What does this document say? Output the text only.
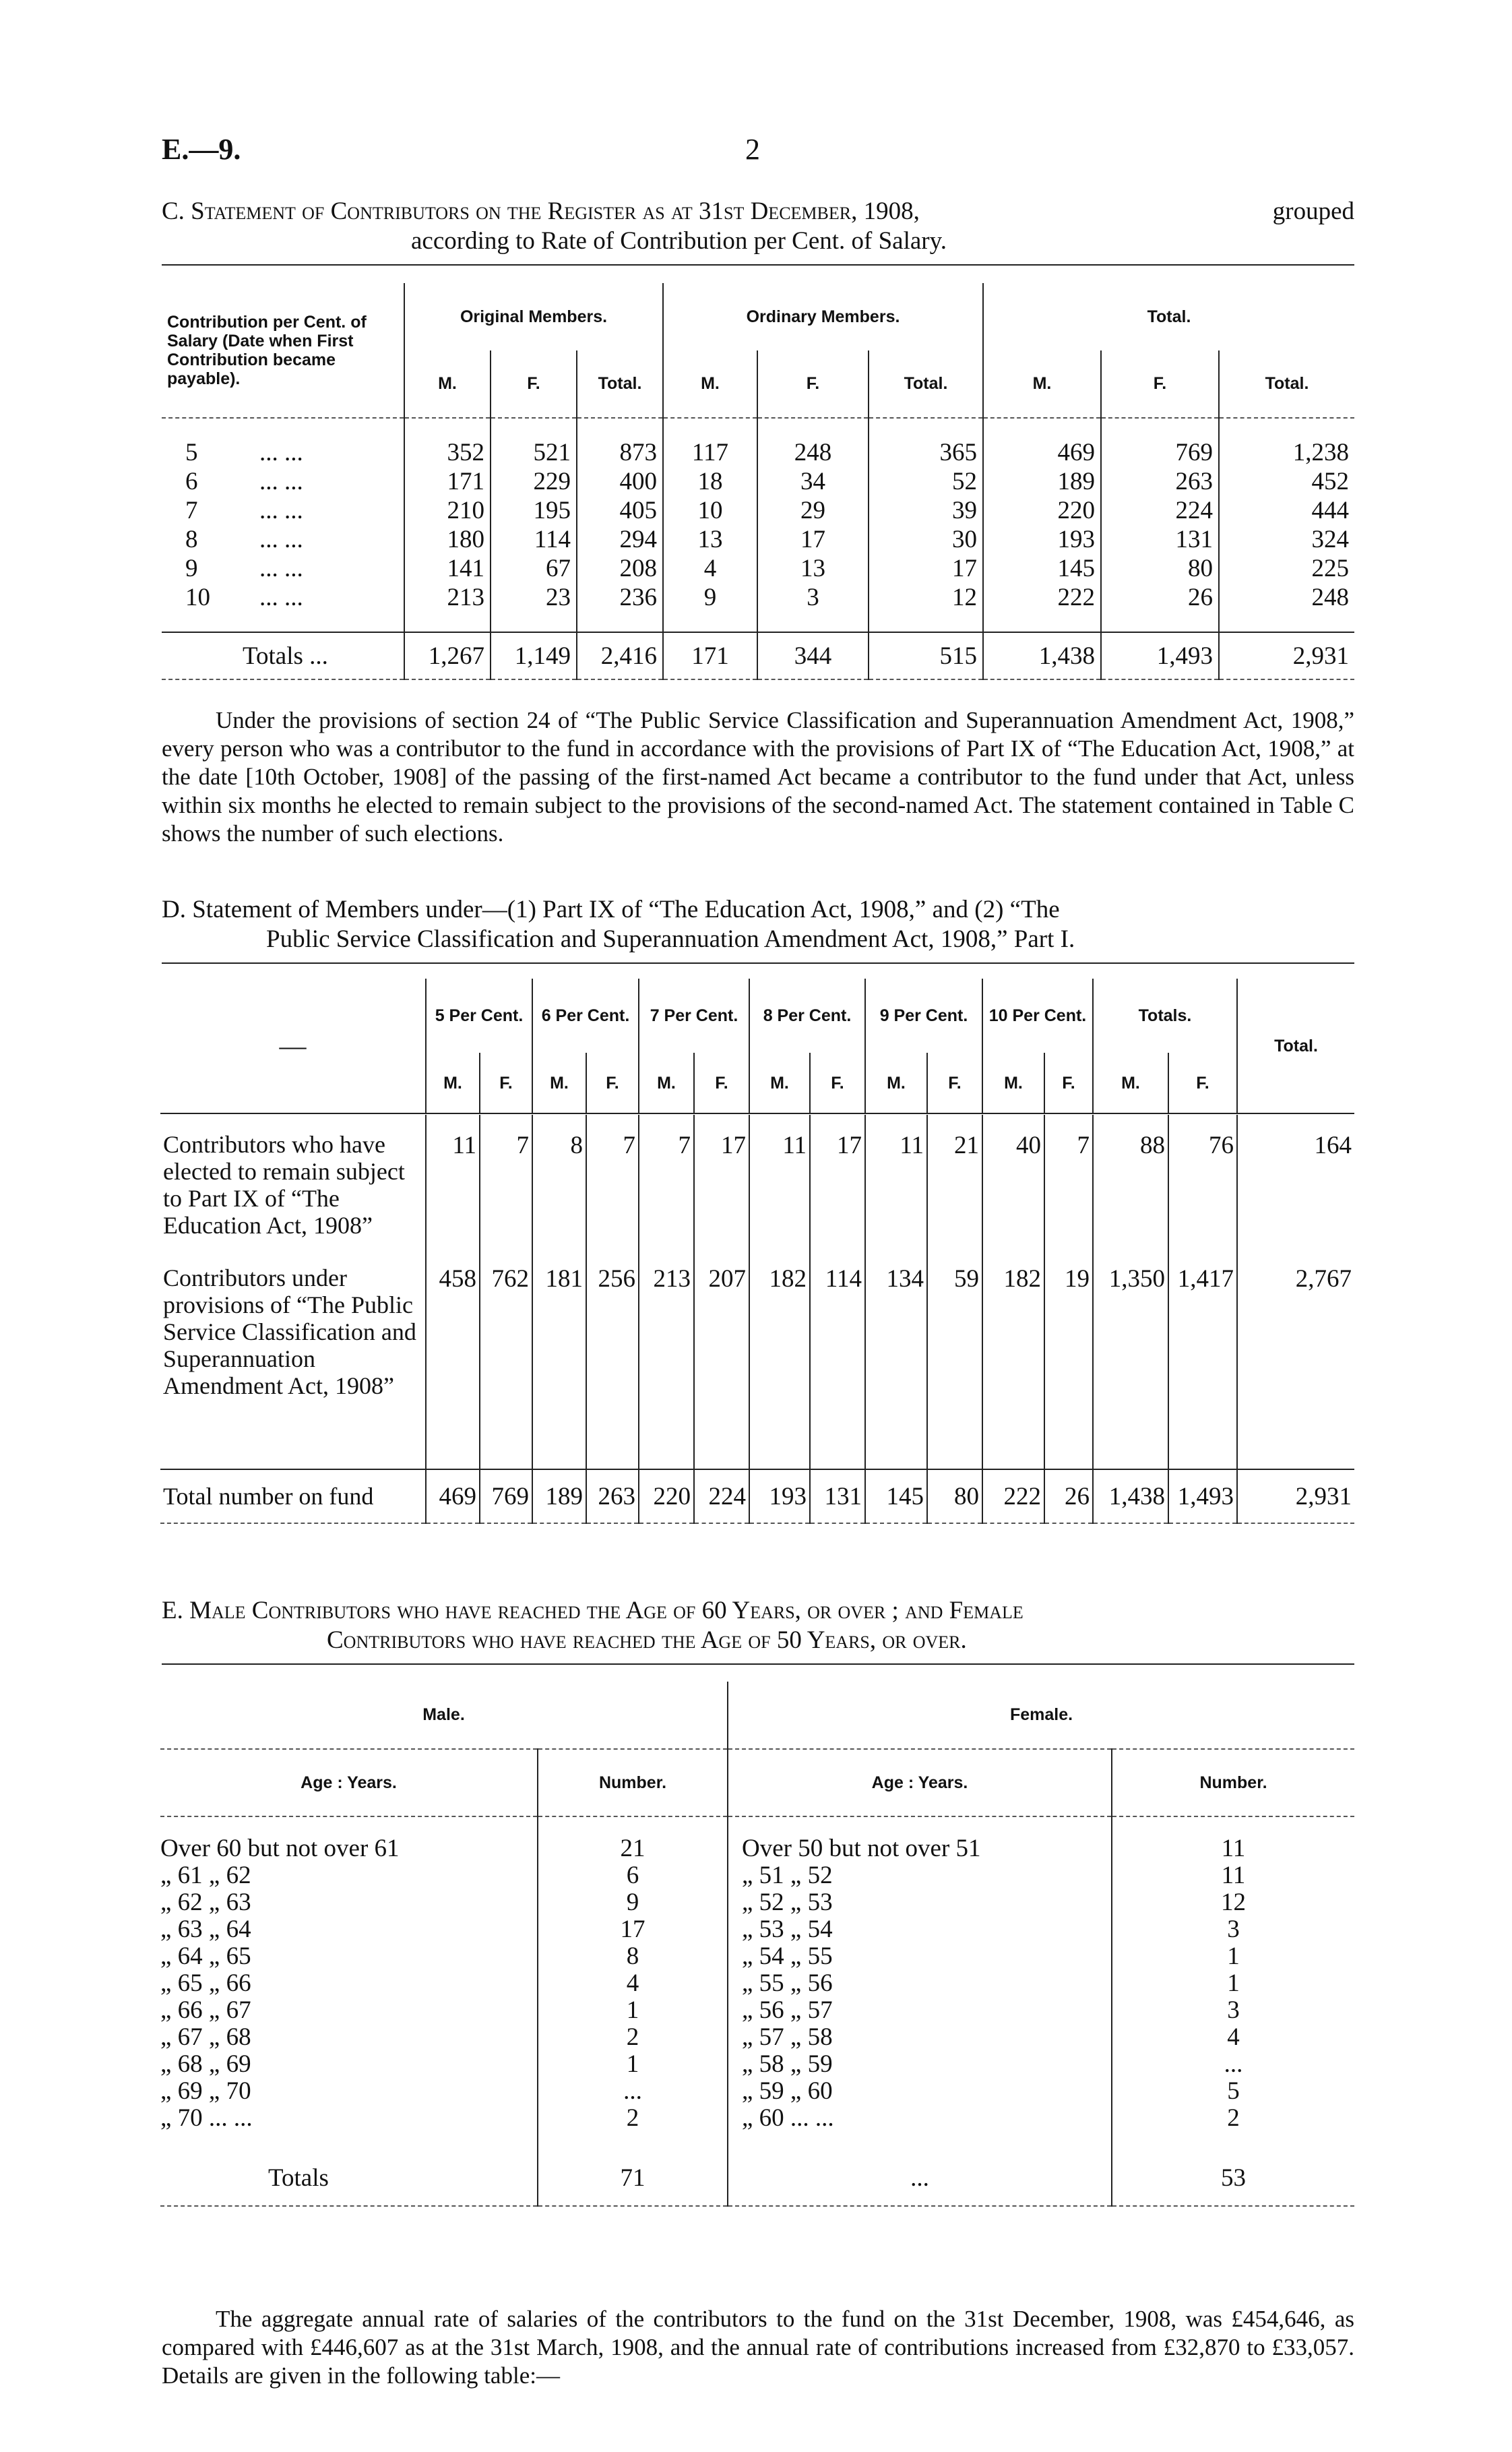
E.—9.	2
C. Statement of Contributors on the Register as at 31st December, 1908,	grouped
according to Rate of Contribution per Cent. of Salary.
Contribution per Cent. of Salary (Date when First Contribution became payable).	Original Members.			Ordinary Members.			Total.		
	M.	F.	Total.	M.	F.	Total.	M.	F.	Total.

5 ... ...	352	521	873	117	248	365	469	769	1,238
6 ... ...	171	229	400	18	34	52	189	263	452
7 ... ...	210	195	405	10	29	39	220	224	444
8 ... ...	180	114	294	13	17	30	193	131	324
9 ... ...	141	67	208	4	13	17	145	80	225
10 ... ...	213	23	236	9	3	12	222	26	248

Totals ...	1,267	1,149	2,416	171	344	515	1,438	1,493	2,931
Under the provisions of section 24 of “The Public Service Classification and Superannuation Amendment Act, 1908,” every person who was a contributor to the fund in accordance with the provisions of Part IX of “The Education Act, 1908,” at the date [10th October, 1908] of the passing of the first-named Act became a contributor to the fund under that Act, unless within six months he elected to remain subject to the provisions of the second-named Act. The statement contained in Table C shows the number of such elections.
D. Statement of Members under—(1) Part IX of “The Education Act, 1908,” and (2) “The
Public Service Classification and Superannuation Amendment Act, 1908,” Part I.
—	5 Per Cent.		6 Per Cent.		7 Per Cent.		8 Per Cent.		9 Per Cent.		10 Per Cent.		Totals.		Total.
	M.	F.	M.	F.	M.	F.	M.	F.	M.	F.	M.	F.	M.	F.	

Contributors who have elected to remain subject to Part IX of “The Education Act, 1908”	11	7	8	7	7	17	11	17	11	21	40	7	88	76	164
Contributors under provisions of “The Public Service Classification and Superannuation Amendment Act, 1908”	458	762	181	256	213	207	182	114	134	59	182	19	1,350	1,417	2,767
Total number on fund	469	769	189	263	220	224	193	131	145	80	222	26	1,438	1,493	2,931
E. Male Contributors who have reached the Age of 60 Years, or over ; and Female
Contributors who have reached the Age of 50 Years, or over.
Male.		Female.	
Age : Years.	Number.	Age : Years.	Number.

Over 60 but not over 61	21	Over 50 but not over 51	11
„ 61 „ 62	6	„ 51 „ 52	11
„ 62 „ 63	9	„ 52 „ 53	12
„ 63 „ 64	17	„ 53 „ 54	3
„ 64 „ 65	8	„ 54 „ 55	1
„ 65 „ 66	4	„ 55 „ 56	1
„ 66 „ 67	1	„ 56 „ 57	3
„ 67 „ 68	2	„ 57 „ 58	4
„ 68 „ 69	1	„ 58 „ 59	...
„ 69 „ 70	...	„ 59 „ 60	5
„ 70 ... ...	2	„ 60 ... ...	2

Totals	71	...	53
The aggregate annual rate of salaries of the contributors to the fund on the 31st December, 1908, was £454,646, as compared with £446,607 as at the 31st March, 1908, and the annual rate of contributions increased from £32,870 to £33,057. Details are given in the following table:—
